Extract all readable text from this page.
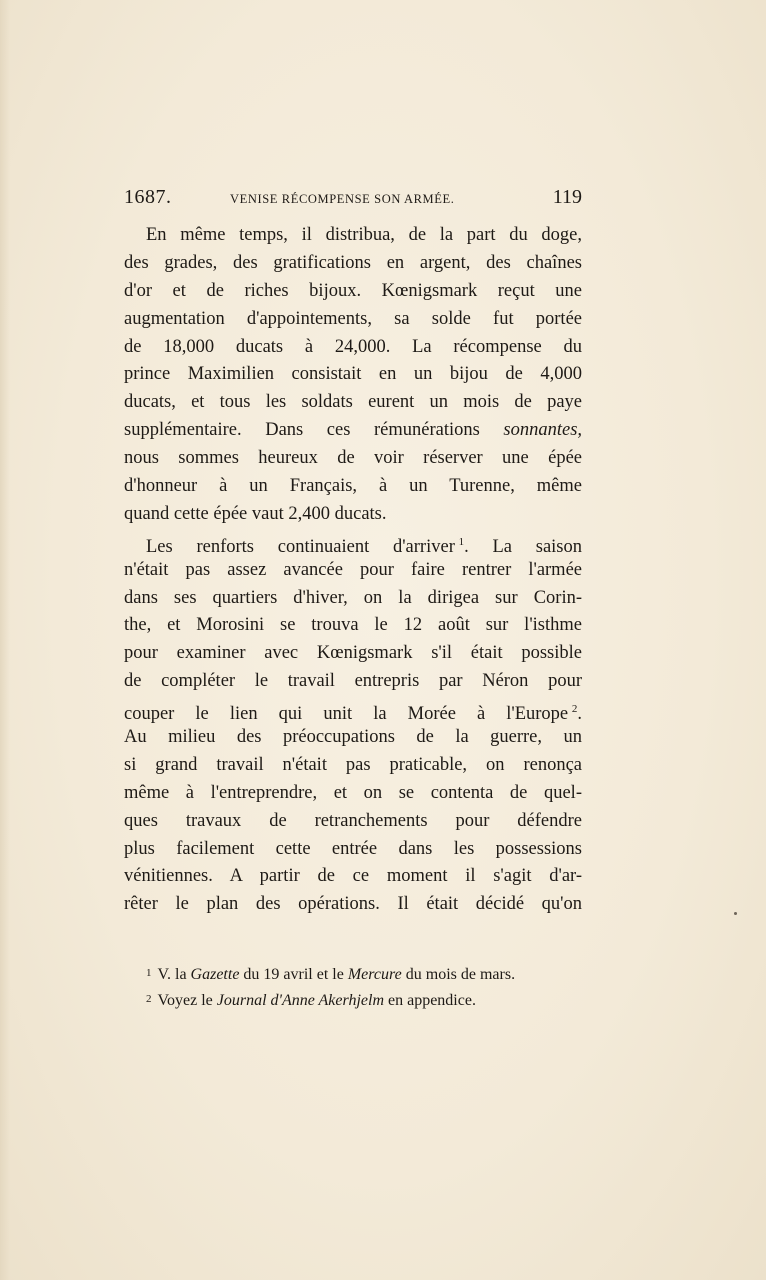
1687.	VENISE RÉCOMPENSE SON ARMÉE.	119
En même temps, il distribua, de la part du doge,
des grades, des gratifications en argent, des chaînes
d'or et de riches bijoux. Kœnigsmark reçut une
augmentation d'appointements, sa solde fut portée
de 18,000 ducats à 24,000. La récompense du
prince Maximilien consistait en un bijou de 4,000
ducats, et tous les soldats eurent un mois de paye
supplémentaire. Dans ces rémunérations sonnantes,
nous sommes heureux de voir réserver une épée
d'honneur à un Français, à un Turenne, même
quand cette épée vaut 2,400 ducats.
Les renforts continuaient d'arriver  $^1$. La saison
n'était pas assez avancée pour faire rentrer l'armée
dans ses quartiers d'hiver, on la dirigea sur Corin-
the, et Morosini se trouva le 12 août sur l'isthme
pour examiner avec Kœnigsmark s'il était possible
de compléter le travail entrepris par Néron pour
couper le lien qui unit la Morée à l'Europe  $^2$.
Au milieu des préoccupations de la guerre, un
si grand travail n'était pas praticable, on renonça
même à l'entreprendre, et on se contenta de quel-
ques travaux de retranchements pour défendre
plus facilement cette entrée dans les possessions
vénitiennes. A partir de ce moment il s'agit d'ar-
rêter le plan des opérations. Il était décidé qu'on
1 V. la Gazette du 19 avril et le Mercure du mois de mars.
2 Voyez le Journal d'Anne Akerhjelm en appendice.
